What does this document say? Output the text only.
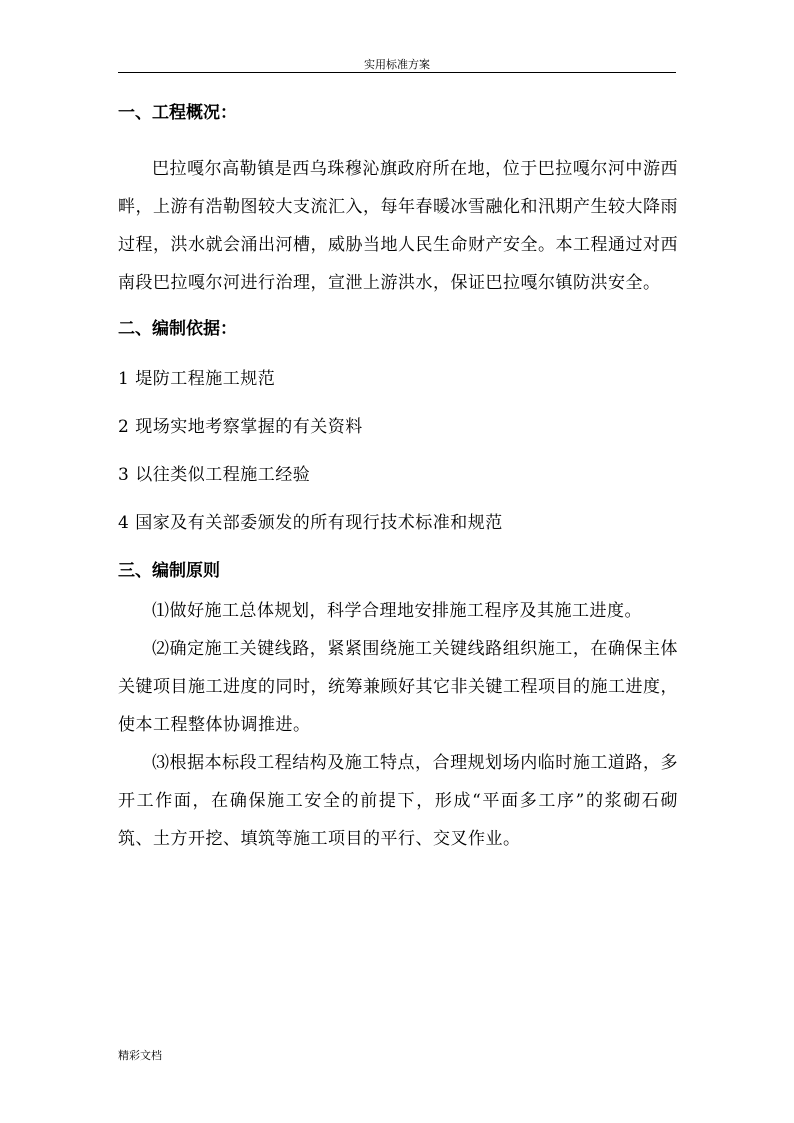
实用标准方案
一、工程概况：

巴拉嘎尔高勒镇是西乌珠穆沁旗政府所在地，位于巴拉嘎尔河中游西畔，上游有浩勒图较大支流汇入，每年春暖冰雪融化和汛期产生较大降雨过程，洪水就会涌出河槽，威胁当地人民生命财产安全。本工程通过对西南段巴拉嘎尔河进行治理，宣泄上游洪水，保证巴拉嘎尔镇防洪安全。

二、编制依据：
1 堤防工程施工规范
2 现场实地考察掌握的有关资料
3 以往类似工程施工经验
4 国家及有关部委颁发的所有现行技术标准和规范
三、编制原则

⑴做好施工总体规划，科学合理地安排施工程序及其施工进度。

⑵确定施工关键线路，紧紧围绕施工关键线路组织施工，在确保主体关键项目施工进度的同时，统筹兼顾好其它非关键工程项目的施工进度，使本工程整体协调推进。

⑶根据本标段工程结构及施工特点，合理规划场内临时施工道路，多开工作面，在确保施工安全的前提下，形成“平面多工序”的浆砌石砌筑、土方开挖、填筑等施工项目的平行、交叉作业。

精彩文档
